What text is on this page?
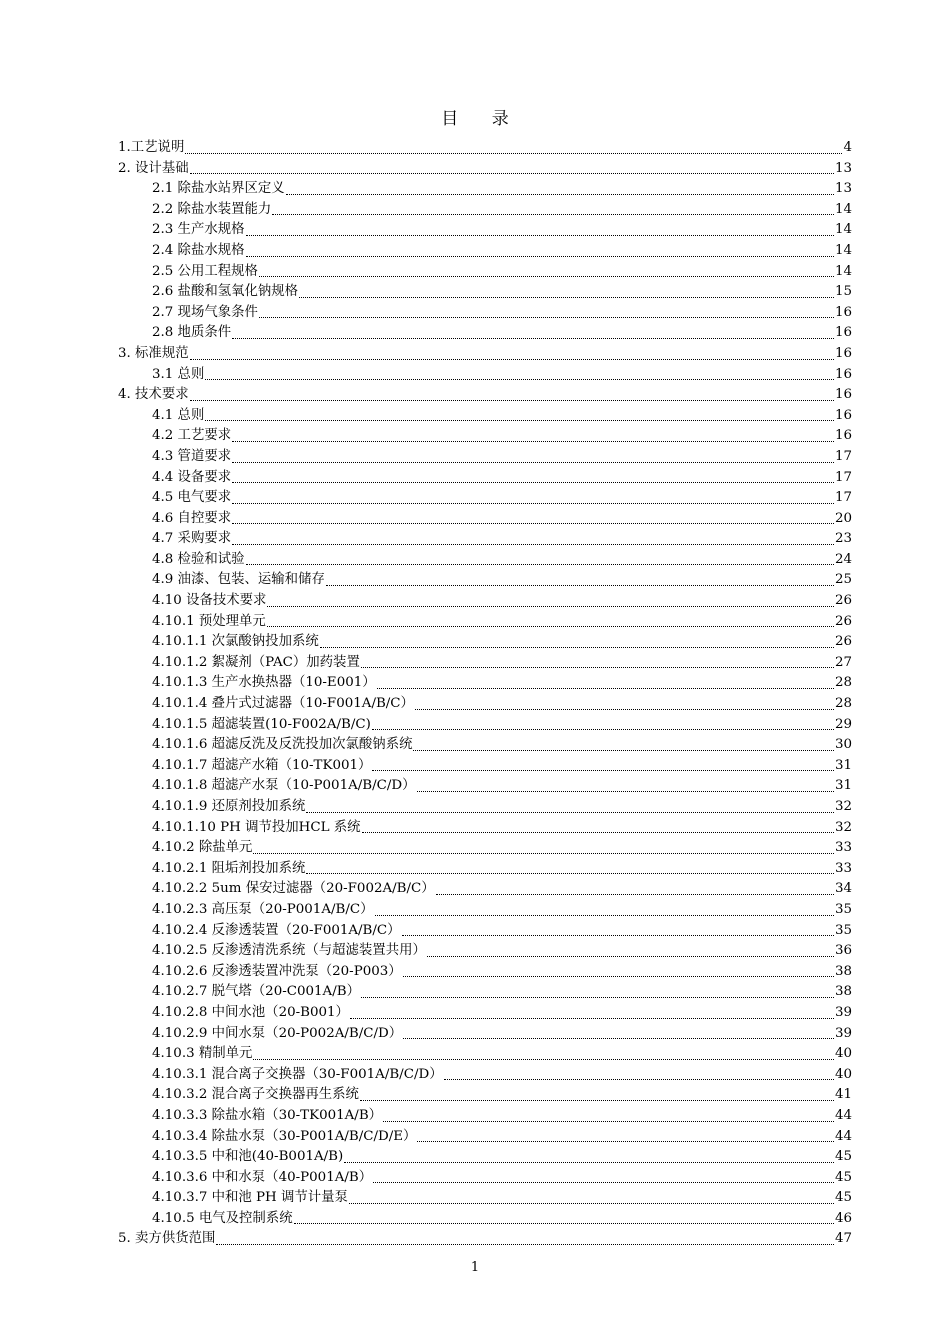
目 录
1.工艺说明	4
2. 设计基础	13
2.1 除盐水站界区定义	13
2.2 除盐水装置能力	14
2.3 生产水规格	14
2.4 除盐水规格	14
2.5 公用工程规格	14
2.6 盐酸和氢氧化钠规格	15
2.7 现场气象条件	16
2.8 地质条件	16
3. 标准规范	16
3.1 总则	16
4. 技术要求	16
4.1 总则	16
4.2 工艺要求	16
4.3 管道要求	17
4.4 设备要求	17
4.5 电气要求	17
4.6 自控要求	20
4.7 采购要求	23
4.8 检验和试验	24
4.9 油漆、包装、运输和储存	25
4.10 设备技术要求	26
4.10.1 预处理单元	26
4.10.1.1 次氯酸钠投加系统	26
4.10.1.2 絮凝剂（PAC）加药装置	27
4.10.1.3 生产水换热器（10-E001）	28
4.10.1.4 叠片式过滤器（10-F001A/B/C）	28
4.10.1.5 超滤装置(10-F002A/B/C)	29
4.10.1.6 超滤反洗及反洗投加次氯酸钠系统	30
4.10.1.7 超滤产水箱（10-TK001）	31
4.10.1.8 超滤产水泵（10-P001A/B/C/D）	31
4.10.1.9 还原剂投加系统	32
4.10.1.10 PH 调节投加HCL 系统	32
4.10.2 除盐单元	33
4.10.2.1 阻垢剂投加系统	33
4.10.2.2 5um 保安过滤器（20-F002A/B/C）	34
4.10.2.3 高压泵（20-P001A/B/C）	35
4.10.2.4 反渗透装置（20-F001A/B/C）	35
4.10.2.5 反渗透清洗系统（与超滤装置共用）	36
4.10.2.6 反渗透装置冲洗泵（20-P003）	38
4.10.2.7 脱气塔（20-C001A/B）	38
4.10.2.8 中间水池（20-B001）	39
4.10.2.9 中间水泵（20-P002A/B/C/D）	39
4.10.3 精制单元	40
4.10.3.1 混合离子交换器（30-F001A/B/C/D）	40
4.10.3.2 混合离子交换器再生系统	41
4.10.3.3 除盐水箱（30-TK001A/B）	44
4.10.3.4 除盐水泵（30-P001A/B/C/D/E）	44
4.10.3.5 中和池(40-B001A/B)	45
4.10.3.6 中和水泵（40-P001A/B）	45
4.10.3.7 中和池 PH 调节计量泵	45
4.10.5 电气及控制系统	46
5. 卖方供货范围	47
1
